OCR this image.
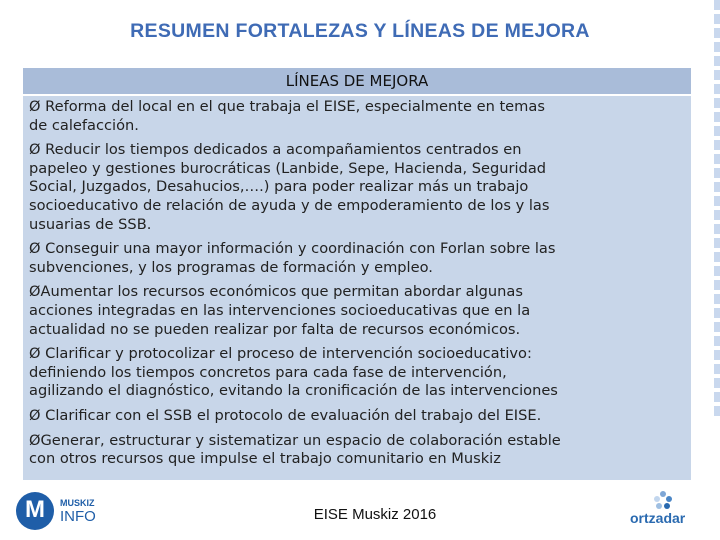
RESUMEN FORTALEZAS Y LÍNEAS DE MEJORA
LÍNEAS DE MEJORA
Ø Reforma del local en el que trabaja el EISE, especialmente en temas
de calefacción.
Ø Reducir los tiempos dedicados a acompañamientos centrados en
papeleo y gestiones burocráticas (Lanbide, Sepe, Hacienda, Seguridad
Social, Juzgados, Desahucios,….) para poder realizar más un trabajo
socioeducativo de relación de ayuda y de empoderamiento de los y las
usuarias de SSB.
Ø Conseguir una mayor información y coordinación con Forlan sobre las
subvenciones, y los programas de formación y empleo.
ØAumentar los recursos económicos que permitan abordar algunas
acciones integradas en las intervenciones socioeducativas que en la
actualidad no se pueden realizar por falta de recursos económicos.
Ø Clarificar y protocolizar el proceso de intervención socioeducativo:
definiendo los tiempos concretos para cada fase de intervención,
agilizando el diagnóstico, evitando la cronificación de las intervenciones
Ø Clarificar con el SSB el protocolo de evaluación del trabajo del EISE.
ØGenerar, estructurar y sistematizar un espacio de colaboración estable
con otros recursos que impulse el trabajo comunitario en Muskiz
M
MUSKIZ
INFO	EISE Muskiz 2016	ortzadar
